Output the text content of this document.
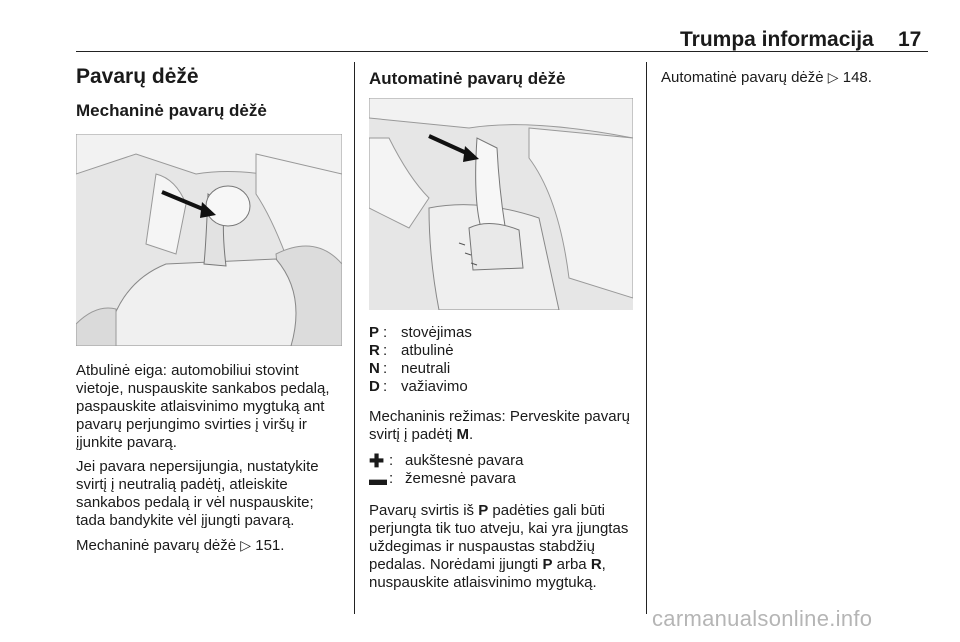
Trumpa informacija 17
Pavarų dėžė
Mechaninė pavarų dėžė

Atbulinė eiga: automobiliui stovint vietoje, nuspauskite sankabos pedalą, paspauskite atlaisvinimo mygtuką ant pavarų perjungimo svirties į viršų ir įjunkite pavarą.

Jei pavara nepersijungia, nustatykite svirtį į neutralią padėtį, atleiskite sankabos pedalą ir vėl nuspauskite; tada bandykite vėl įjungti pavarą.

Mechaninė pavarų dėžė ▷ 151.

Automatinė pavarų dėžė
P : stovėjimas
R : atbulinė
N : neutrali
D : važiavimo

Mechaninis režimas: Perveskite pavarų svirtį į padėtį M.

✚ : aukštesnė pavara
▬ : žemesnė pavara

Pavarų svirtis iš P padėties gali būti perjungta tik tuo atveju, kai yra įjungtas uždegimas ir nuspaustas stabdžių pedalas. Norėdami įjungti P arba R, nuspauskite atlaisvinimo mygtuką.

Automatinė pavarų dėžė ▷ 148.

carmanualsonline.info
